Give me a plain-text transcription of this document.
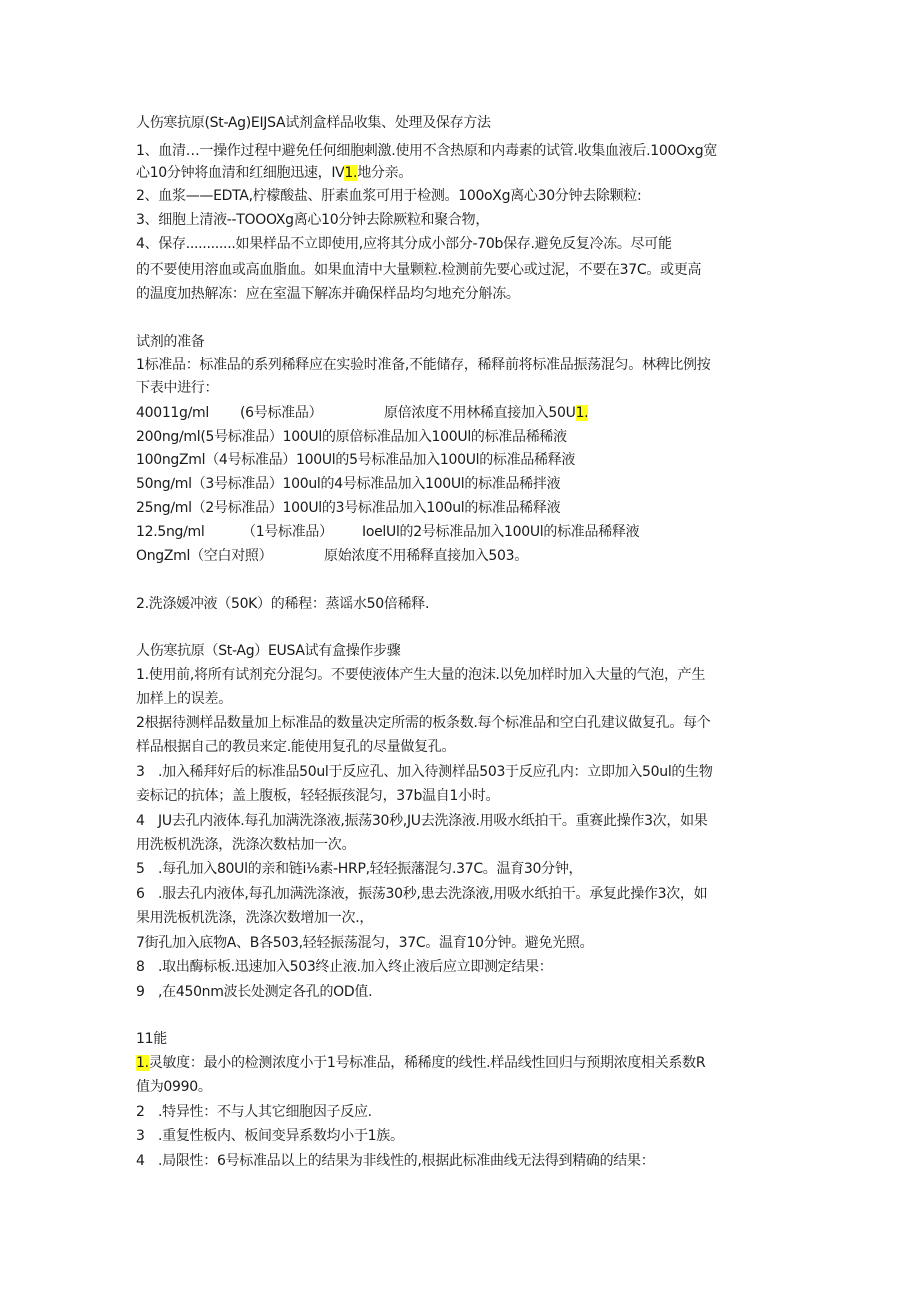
人伤寒抗原(St-Ag)EIJSA试剂盒样品收集、处理及保存方法
1、血清…一操作过程中避免任何细胞刺激.使用不含热原和内毒素的试管.收集血液后.100Oxg宽
心10分钟将血清和红细胞迅速，IV1.地分亲。
2、血浆——EDTA,柠檬酸盐、肝素血浆可用于检测。100oXg离心30分钟去除颗粒:
3、细胞上清液--TOOOXg离心10分钟去除厥粒和聚合物，
4、保存............如果样品不立即使用,应将其分成小部分-70b保存.避免反复冷冻。尽可能
的不要使用溶血或高血脂血。如果血清中大量颗粒.检测前先要心或过泥，不要在37C。或更高
的温度加热解冻：应在室温下解冻并确保样品均匀地充分斛冻。
试剂的准备
1标准品：标准品的系列稀释应在实验时准备,不能储存，稀释前将标准品振荡混匀。林稗比例按
下表中进行：
40011g∕ml (6号标准品）	原倍浓度不用林稀直接加入50U1.
200ng∕ml(5号标准品）100Ul的原倍标准品加入100Ul的标准品稀稀液
100ngZml（4号标准品）100Ul的5号标准品加入100Ul的标准品稀释液
50ng∕ml（3号标准品）100ul的4号标准品加入100Ul的标准品稀拌液
25ng∕ml（2号标准品）100Ul的3号标准品加入100ul的标准品稀释液
12.5ng∕ml	（1号标准品） IoelUl的2号标准品加入100Ul的标准品稀释液
OngZml（空白对照）	原始浓度不用稀释直接加入503。
2.洗涤媛冲液（50K）的稀程：蒸谣水50倍稀释.
人伤寒抗原（St-Ag）EUSA试有盒操作步骤
1.使用前,将所有试剂充分混匀。不要使液体产生大量的泡沫.以免加样时加入大量的气泡，产生
加样上的误差。
2根据待测样品数量加上标准品的数量决定所需的板条数.每个标准品和空白孔建议做复孔。每个
样品根据自己的教员来定.能使用复孔的尽量做复孔。
3 .加入稀拜好后的标准品50ul于反应孔、加入待测样品503于反应孔内：立即加入50ul的生物
妾标记的抗体；盖上腹板，轻轻振孩混匀，37b温自1小时。
4 JU去孔内液体.每孔加满洗涤液,振荡30秒,JU去洗涤液.用吸水纸拍干。重赛此操作3次，如果
用洗板机洗涤，洗涤次数枯加一次。
5 .每孔加入80Ul的亲和链i⅛素-HRP,轻轻振藩混匀.37C。温育30分钟，
6 .服去孔内液体,每孔加满洗涤液，振荡30秒,患去洗涤液,用吸水纸拍干。承复此操作3次，如
果用洗板机洗涤，洗涤次数增加一次.，
7街孔加入底物A、B各503,轻轻振荡混匀，37C。温育10分钟。避免光照。
8 .取出酶标板.迅速加入503终止液.加入终止液后应立即测定结果：
9 ,在450nm波长处测定各孔的OD值.
11能
1.灵敏度：最小的检测浓度小于1号标准品，稀稀度的线性.样品线性回归与预期浓度相关系数R
值为0990。
2 .特异性：不与人其它细胞因子反应.
3 .重复性板内、板间变异系数均小于1族。
4 .局限性：6号标准品以上的结果为非线性的,根据此标准曲线无法得到精确的结果：
